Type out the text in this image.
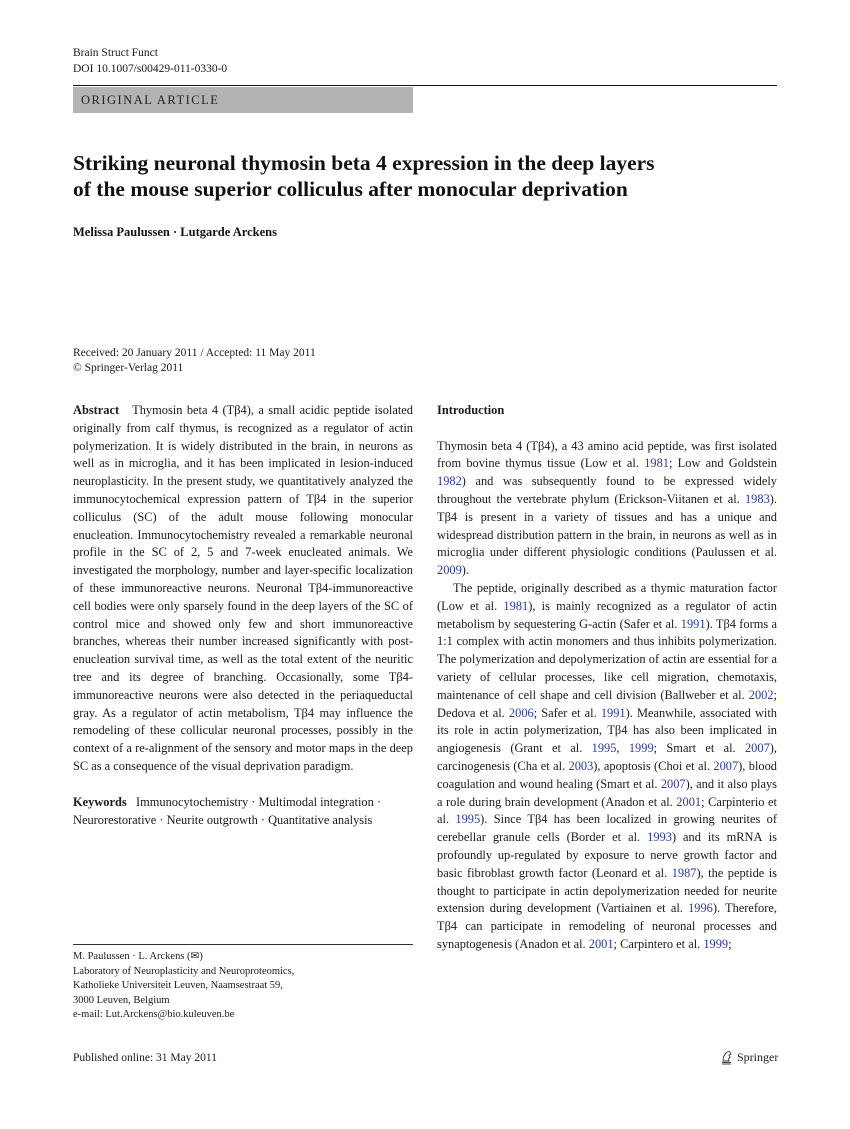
Brain Struct Funct
DOI 10.1007/s00429-011-0330-0
ORIGINAL ARTICLE
Striking neuronal thymosin beta 4 expression in the deep layers
of the mouse superior colliculus after monocular deprivation
Melissa Paulussen · Lutgarde Arckens
Received: 20 January 2011 / Accepted: 11 May 2011
© Springer-Verlag 2011

Abstract Thymosin beta 4 (Tβ4), a small acidic peptide isolated originally from calf thymus, is recognized as a regulator of actin polymerization. It is widely distributed in the brain, in neurons as well as in microglia, and it has been implicated in lesion-induced neuroplasticity. In the present study, we quantitatively analyzed the immunocytochemical expression pattern of Tβ4 in the superior colliculus (SC) of the adult mouse following monocular enucleation. Immunocytochemistry revealed a remarkable neuronal profile in the SC of 2, 5 and 7-week enucleated animals. We investigated the morphology, number and layer-specific localization of these immunoreactive neurons. Neuronal Tβ4-immunoreactive cell bodies were only sparsely found in the deep layers of the SC of control mice and showed only few and short immunoreactive branches, whereas their number increased significantly with post-enucleation survival time, as well as the total extent of the neuritic tree and its degree of branching. Occasionally, some Tβ4-immunoreactive neurons were also detected in the periaqueductal gray. As a regulator of actin metabolism, Tβ4 may influence the remodeling of these collicular neuronal processes, possibly in the context of a re-alignment of the sensory and motor maps in the deep SC as a consequence of the visual deprivation paradigm.

Keywords Immunocytochemistry · Multimodal integration · Neurorestorative · Neurite outgrowth · Quantitative analysis

M. Paulussen · L. Arckens (✉)
Laboratory of Neuroplasticity and Neuroproteomics,
Katholieke Universiteit Leuven, Naamsestraat 59,
3000 Leuven, Belgium
e-mail: Lut.Arckens@bio.kuleuven.be
Introduction

Thymosin beta 4 (Tβ4), a 43 amino acid peptide, was first isolated from bovine thymus tissue (Low et al. 1981; Low and Goldstein 1982) and was subsequently found to be expressed widely throughout the vertebrate phylum (Erickson-Viitanen et al. 1983). Tβ4 is present in a variety of tissues and has a unique and widespread distribution pattern in the brain, in neurons as well as in microglia under different physiologic conditions (Paulussen et al. 2009).

The peptide, originally described as a thymic maturation factor (Low et al. 1981), is mainly recognized as a regulator of actin metabolism by sequestering G-actin (Safer et al. 1991). Tβ4 forms a 1:1 complex with actin monomers and thus inhibits polymerization. The polymerization and depolymerization of actin are essential for a variety of cellular processes, like cell migration, chemotaxis, maintenance of cell shape and cell division (Ballweber et al. 2002; Dedova et al. 2006; Safer et al. 1991). Meanwhile, associated with its role in actin polymerization, Tβ4 has also been implicated in angiogenesis (Grant et al. 1995, 1999; Smart et al. 2007), carcinogenesis (Cha et al. 2003), apoptosis (Choi et al. 2007), blood coagulation and wound healing (Smart et al. 2007), and it also plays a role during brain development (Anadon et al. 2001; Carpinterio et al. 1995). Since Tβ4 has been localized in growing neurites of cerebellar granule cells (Border et al. 1993) and its mRNA is profoundly up-regulated by exposure to nerve growth factor and basic fibroblast growth factor (Leonard et al. 1987), the peptide is thought to participate in actin depolymerization needed for neurite extension during development (Vartiainen et al. 1996). Therefore, Tβ4 can participate in remodeling of neuronal processes and synaptogenesis (Anadon et al. 2001; Carpintero et al. 1999;

Published online: 31 May 2011	Springer
